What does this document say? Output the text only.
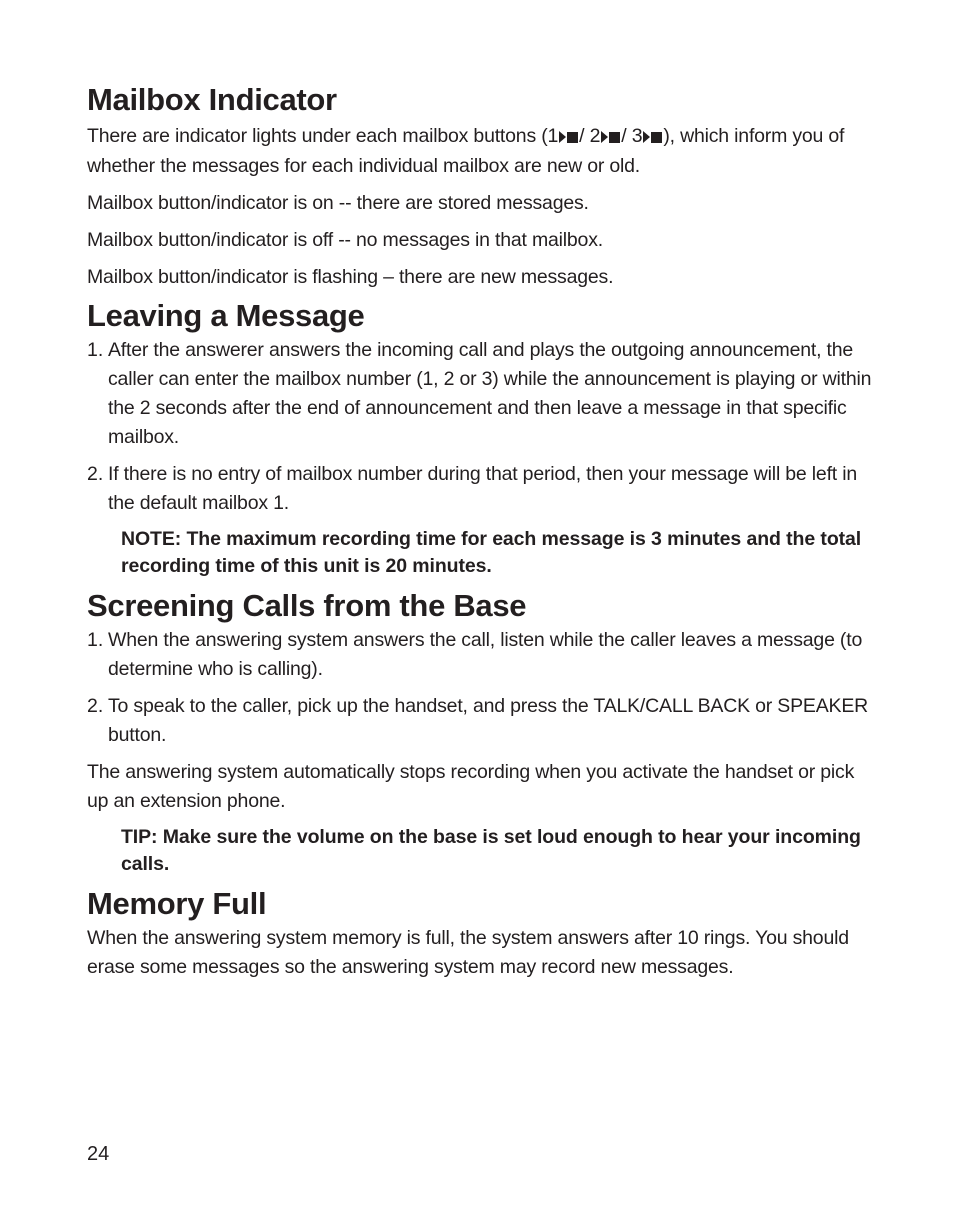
Mailbox Indicator

There are indicator lights under each mailbox buttons (1 / 2 / 3 ), which inform you of whether the messages for each individual mailbox are new or old.

Mailbox button/indicator is on -- there are stored messages.

Mailbox button/indicator is off -- no messages in that mailbox.

Mailbox button/indicator is flashing – there are new messages.

Leaving a Message
1. After the answerer answers the incoming call and plays the outgoing announcement, the caller can enter the mailbox number (1, 2 or 3) while the announcement is playing or within the 2 seconds after the end of announcement and then leave a message in that specific mailbox.
2. If there is no entry of mailbox number during that period, then your message will be left in the default mailbox 1.

NOTE: The maximum recording time for each message is 3 minutes and the total recording time of this unit is 20 minutes.

Screening Calls from the Base
1. When the answering system answers the call, listen while the caller leaves a message (to determine who is calling).
2. To speak to the caller, pick up the handset, and press the TALK/CALL BACK or SPEAKER button.

The answering system automatically stops recording when you activate the handset or pick up an extension phone.

TIP: Make sure the volume on the base is set loud enough to hear your incoming calls.

Memory Full

When the answering system memory is full, the system answers after 10 rings. You should erase some messages so the answering system may record new messages.

24
